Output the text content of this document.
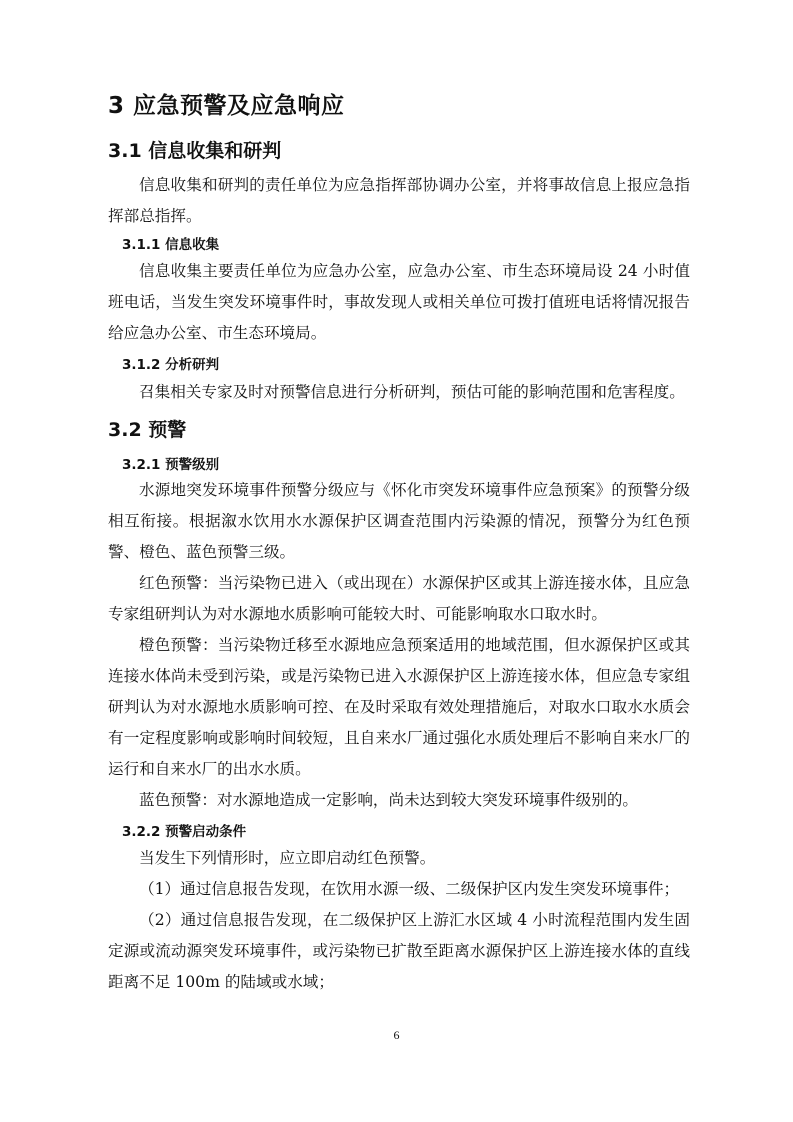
3 应急预警及应急响应
3.1 信息收集和研判

信息收集和研判的责任单位为应急指挥部协调办公室，并将事故信息上报应急指挥部总指挥。

3.1.1 信息收集

信息收集主要责任单位为应急办公室，应急办公室、市生态环境局设 24 小时值班电话，当发生突发环境事件时，事故发现人或相关单位可拨打值班电话将情况报告给应急办公室、市生态环境局。

3.1.2 分析研判

召集相关专家及时对预警信息进行分析研判，预估可能的影响范围和危害程度。

3.2 预警
3.2.1 预警级别

水源地突发环境事件预警分级应与《怀化市突发环境事件应急预案》的预警分级相互衔接。根据溆水饮用水水源保护区调查范围内污染源的情况，预警分为红色预警、橙色、蓝色预警三级。

红色预警：当污染物已进入（或出现在）水源保护区或其上游连接水体，且应急专家组研判认为对水源地水质影响可能较大时、可能影响取水口取水时。

橙色预警：当污染物迁移至水源地应急预案适用的地域范围，但水源保护区或其连接水体尚未受到污染，或是污染物已进入水源保护区上游连接水体，但应急专家组研判认为对水源地水质影响可控、在及时采取有效处理措施后，对取水口取水水质会有一定程度影响或影响时间较短，且自来水厂通过强化水质处理后不影响自来水厂的运行和自来水厂的出水水质。

蓝色预警：对水源地造成一定影响，尚未达到较大突发环境事件级别的。

3.2.2 预警启动条件

当发生下列情形时，应立即启动红色预警。

（1）通过信息报告发现，在饮用水源一级、二级保护区内发生突发环境事件；

（2）通过信息报告发现，在二级保护区上游汇水区域 4 小时流程范围内发生固定源或流动源突发环境事件，或污染物已扩散至距离水源保护区上游连接水体的直线距离不足 100m 的陆域或水域；

6
